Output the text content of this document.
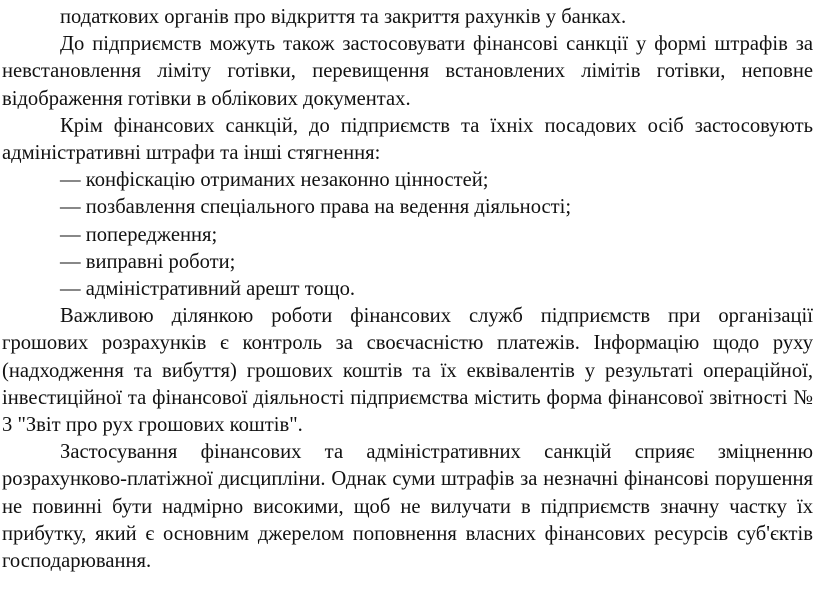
податкових органів про відкриття та закриття рахунків у банках.

До підприємств можуть також застосовувати фінансові санкції у формі штрафів за невстановлення ліміту готівки, перевищення встановлених лімітів готівки, неповне відображення готівки в облікових документах.

Крім фінансових санкцій, до підприємств та їхніх посадових осіб застосовують адміністративні штрафи та інші стягнення:

— конфіскацію отриманих незаконно цінностей;

— позбавлення спеціального права на ведення діяльності;

— попередження;

— виправні роботи;

— адміністративний арешт тощо.

Важливою ділянкою роботи фінансових служб підприємств при організації грошових розрахунків є контроль за своєчасністю платежів. Інформацію щодо руху (надходження та вибуття) грошових коштів та їх еквівалентів у результаті операційної, інвестиційної та фінансової діяльності підприємства містить форма фінансової звітності № 3 "Звіт про рух грошових коштів".

Застосування фінансових та адміністративних санкцій сприяє зміцненню розрахунково-платіжної дисципліни. Однак суми штрафів за незначні фінансові порушення не повинні бути надмірно високими, щоб не вилучати в підприємств значну частку їх прибутку, який є основним джерелом поповнення власних фінансових ресурсів суб'єктів господарювання.
